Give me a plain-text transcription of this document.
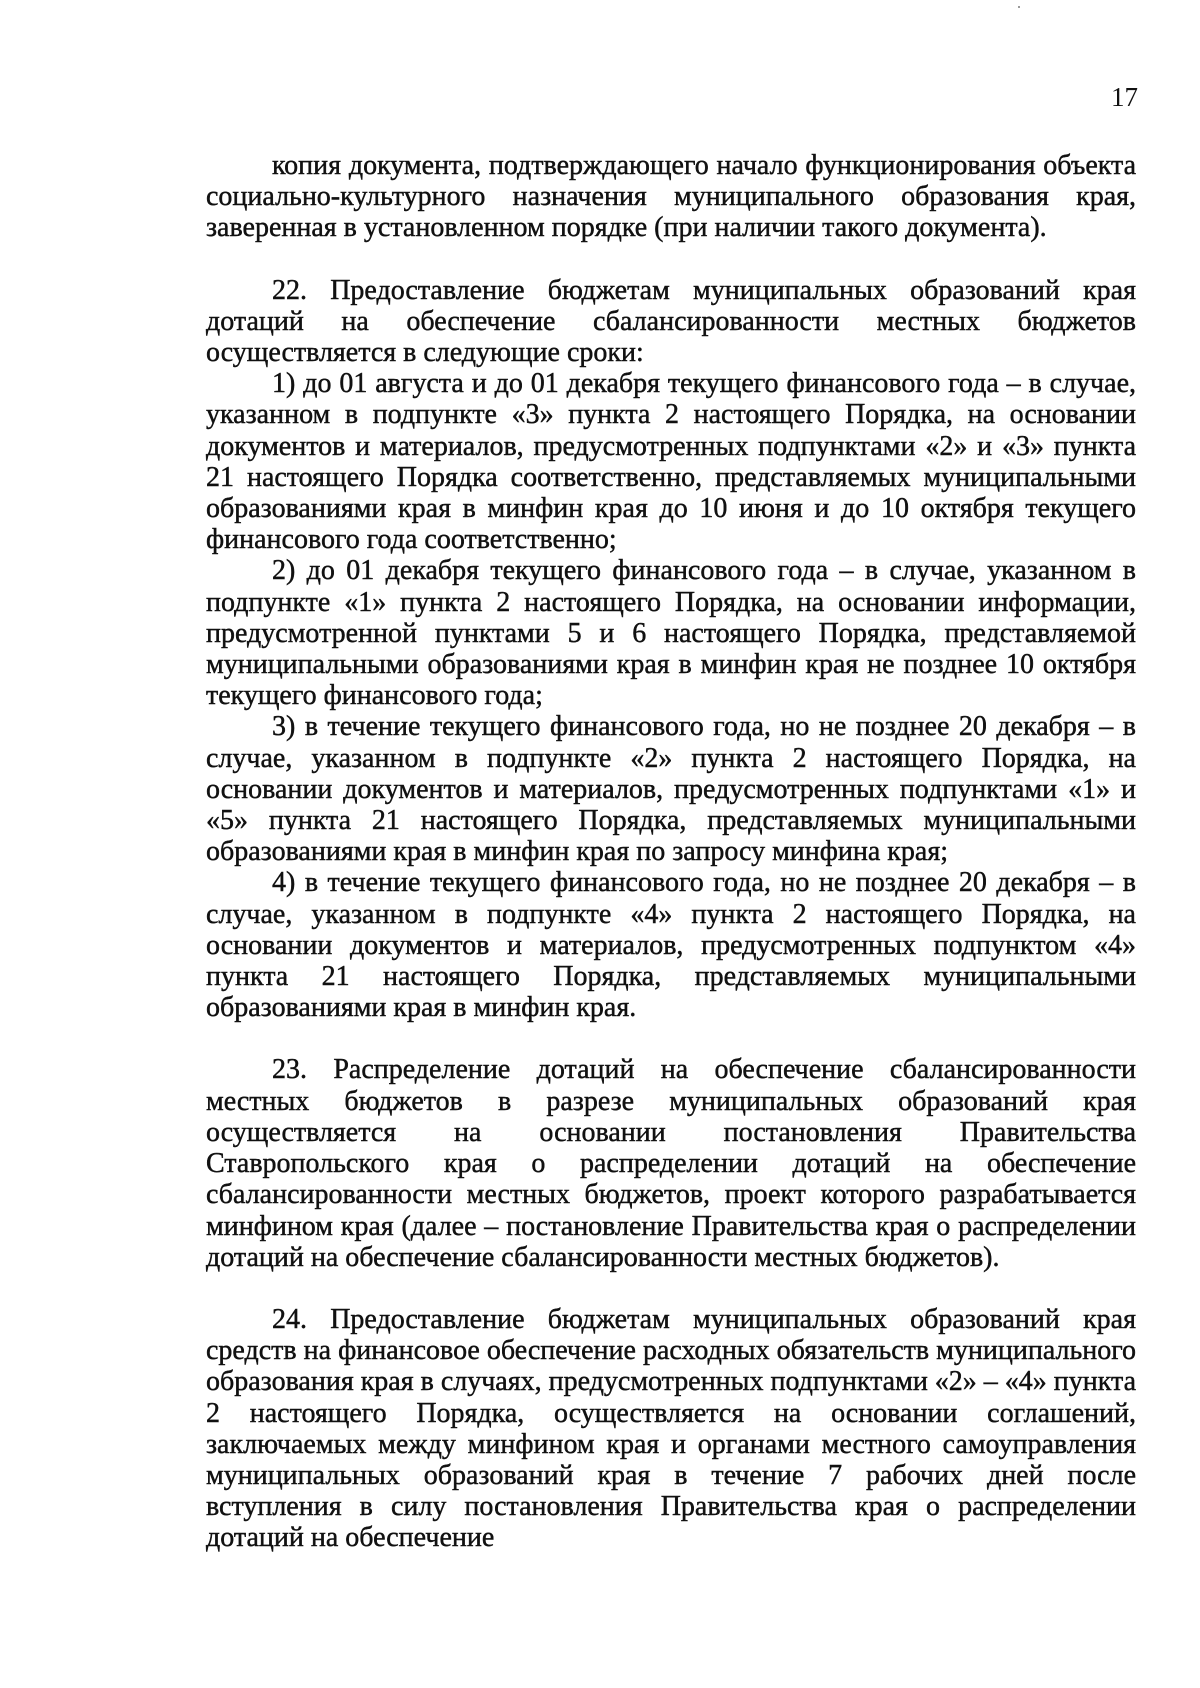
17

копия документа, подтверждающего начало функционирования объекта социально-культурного назначения муниципального образования края, заверенная в установленном порядке (при наличии такого документа).

22. Предоставление бюджетам муниципальных образований края дотаций на обеспечение сбалансированности местных бюджетов осуществляется в следующие сроки:

1) до 01 августа и до 01 декабря текущего финансового года – в случае, указанном в подпункте «3» пункта 2 настоящего Порядка, на основании документов и материалов, предусмотренных подпунктами «2» и «3» пункта 21 настоящего Порядка соответственно, представляемых муниципальными образованиями края в минфин края до 10 июня и до 10 октября текущего финансового года соответственно;

2) до 01 декабря текущего финансового года – в случае, указанном в подпункте «1» пункта 2 настоящего Порядка, на основании информации, предусмотренной пунктами 5 и 6 настоящего Порядка, представляемой муниципальными образованиями края в минфин края не позднее 10 октября текущего финансового года;

3) в течение текущего финансового года, но не позднее 20 декабря – в случае, указанном в подпункте «2» пункта 2 настоящего Порядка, на основании документов и материалов, предусмотренных подпунктами «1» и «5» пункта 21 настоящего Порядка, представляемых муниципальными образованиями края в минфин края по запросу минфина края;

4) в течение текущего финансового года, но не позднее 20 декабря – в случае, указанном в подпункте «4» пункта 2 настоящего Порядка, на основании документов и материалов, предусмотренных подпунктом «4» пункта 21 настоящего Порядка, представляемых муниципальными образованиями края в минфин края.

23. Распределение дотаций на обеспечение сбалансированности местных бюджетов в разрезе муниципальных образований края осуществляется на основании постановления Правительства Ставропольского края о распределении дотаций на обеспечение сбалансированности местных бюджетов, проект которого разрабатывается минфином края (далее – постановление Правительства края о распределении дотаций на обеспечение сбалансированности местных бюджетов).

24. Предоставление бюджетам муниципальных образований края средств на финансовое обеспечение расходных обязательств муниципального образования края в случаях, предусмотренных подпунктами «2» – «4» пункта 2 настоящего Порядка, осуществляется на основании соглашений, заключаемых между минфином края и органами местного самоуправления муниципальных образований края в течение 7 рабочих дней после вступления в силу постановления Правительства края о распределении дотаций на обеспечение
